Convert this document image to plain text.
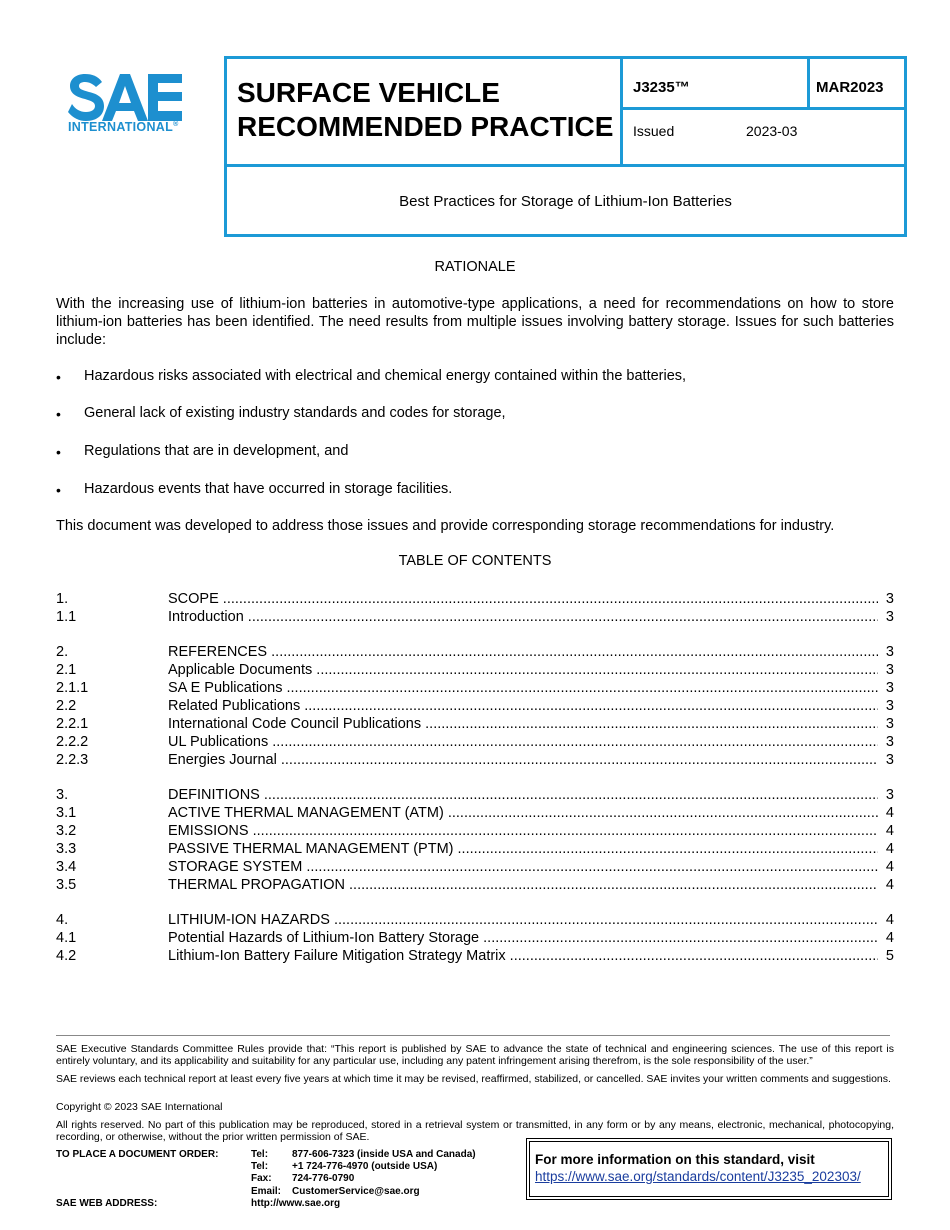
INTERNATIONAL®
SURFACE VEHICLE
RECOMMENDED PRACTICE
J3235™	MAR2023
Issued	2023-03
Best Practices for Storage of Lithium-Ion Batteries
RATIONALE
With the increasing use of lithium-ion batteries in automotive-type applications, a need for recommendations on how to store lithium-ion batteries has been identified. The need results from multiple issues involving battery storage. Issues for such batteries include:
• Hazardous risks associated with electrical and chemical energy contained within the batteries,
• General lack of existing industry standards and codes for storage,
• Regulations that are in development, and
• Hazardous events that have occurred in storage facilities.
This document was developed to address those issues and provide corresponding storage recommendations for industry.
TABLE OF CONTENTS
1.	SCOPE .....	3
1.1	Introduction .....	3
2.	REFERENCES .....	3
2.1	Applicable Documents .....	3
2.1.1	SA E Publications .....	3
2.2	Related Publications .....	3
2.2.1	International Code Council Publications .....	3
2.2.2	UL Publications .....	3
2.2.3	Energies Journal .....	3
3.	DEFINITIONS .....	3
3.1	ACTIVE THERMAL MANAGEMENT (ATM) .....	4
3.2	EMISSIONS .....	4
3.3	PASSIVE THERMAL MANAGEMENT (PTM) .....	4
3.4	STORAGE SYSTEM .....	4
3.5	THERMAL PROPAGATION .....	4
4.	LITHIUM-ION HAZARDS .....	4
4.1	Potential Hazards of Lithium-Ion Battery Storage .....	4
4.2	Lithium-Ion Battery Failure Mitigation Strategy Matrix .....	5
SAE Executive Standards Committee Rules provide that: “This report is published by SAE to advance the state of technical and engineering sciences. The use of this report is entirely voluntary, and its applicability and suitability for any particular use, including any patent infringement arising therefrom, is the sole responsibility of the user.”
SAE reviews each technical report at least every five years at which time it may be revised, reaffirmed, stabilized, or cancelled. SAE invites your written comments and suggestions.
Copyright © 2023 SAE International
All rights reserved. No part of this publication may be reproduced, stored in a retrieval system or transmitted, in any form or by any means, electronic, mechanical, photocopying, recording, or otherwise, without the prior written permission of SAE.
TO PLACE A DOCUMENT ORDER:	Tel: 877-606-7323 (inside USA and Canada)
Tel: +1 724-776-4970 (outside USA)
Fax: 724-776-0790
Email: CustomerService@sae.org
SAE WEB ADDRESS:	http://www.sae.org
For more information on this standard, visit
https://www.sae.org/standards/content/J3235_202303/
